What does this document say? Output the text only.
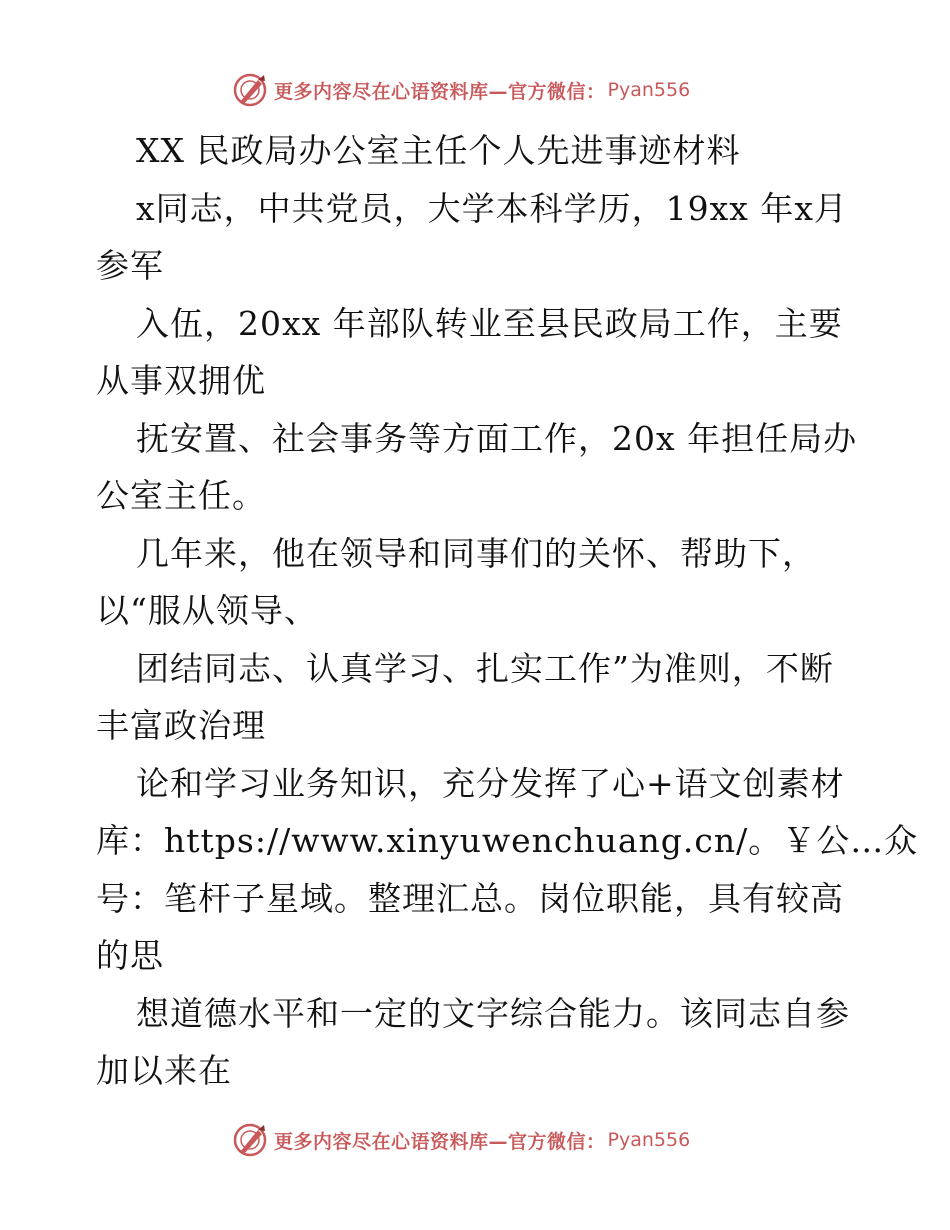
更多内容尽在心语资料库—官方微信： Pyan556
XX 民政局办公室主任个人先进事迹材料
x同志，中共党员，大学本科学历，19xx 年x月
参军
入伍，20xx 年部队转业至县民政局工作，主要
从事双拥优
抚安置、社会事务等方面工作，20x 年担任局办
公室主任。
几年来，他在领导和同事们的关怀、帮助下，
以“服从领导、
团结同志、认真学习、扎实工作”为准则，不断
丰富政治理
论和学习业务知识，充分发挥了心+语文创素材
库：https://www.xinyuwenchuang.cn/。￥公…众
号：笔杆子星域。整理汇总。岗位职能，具有较高
的思
想道德水平和一定的文字综合能力。该同志自参
加以来在
更多内容尽在心语资料库—官方微信： Pyan556
